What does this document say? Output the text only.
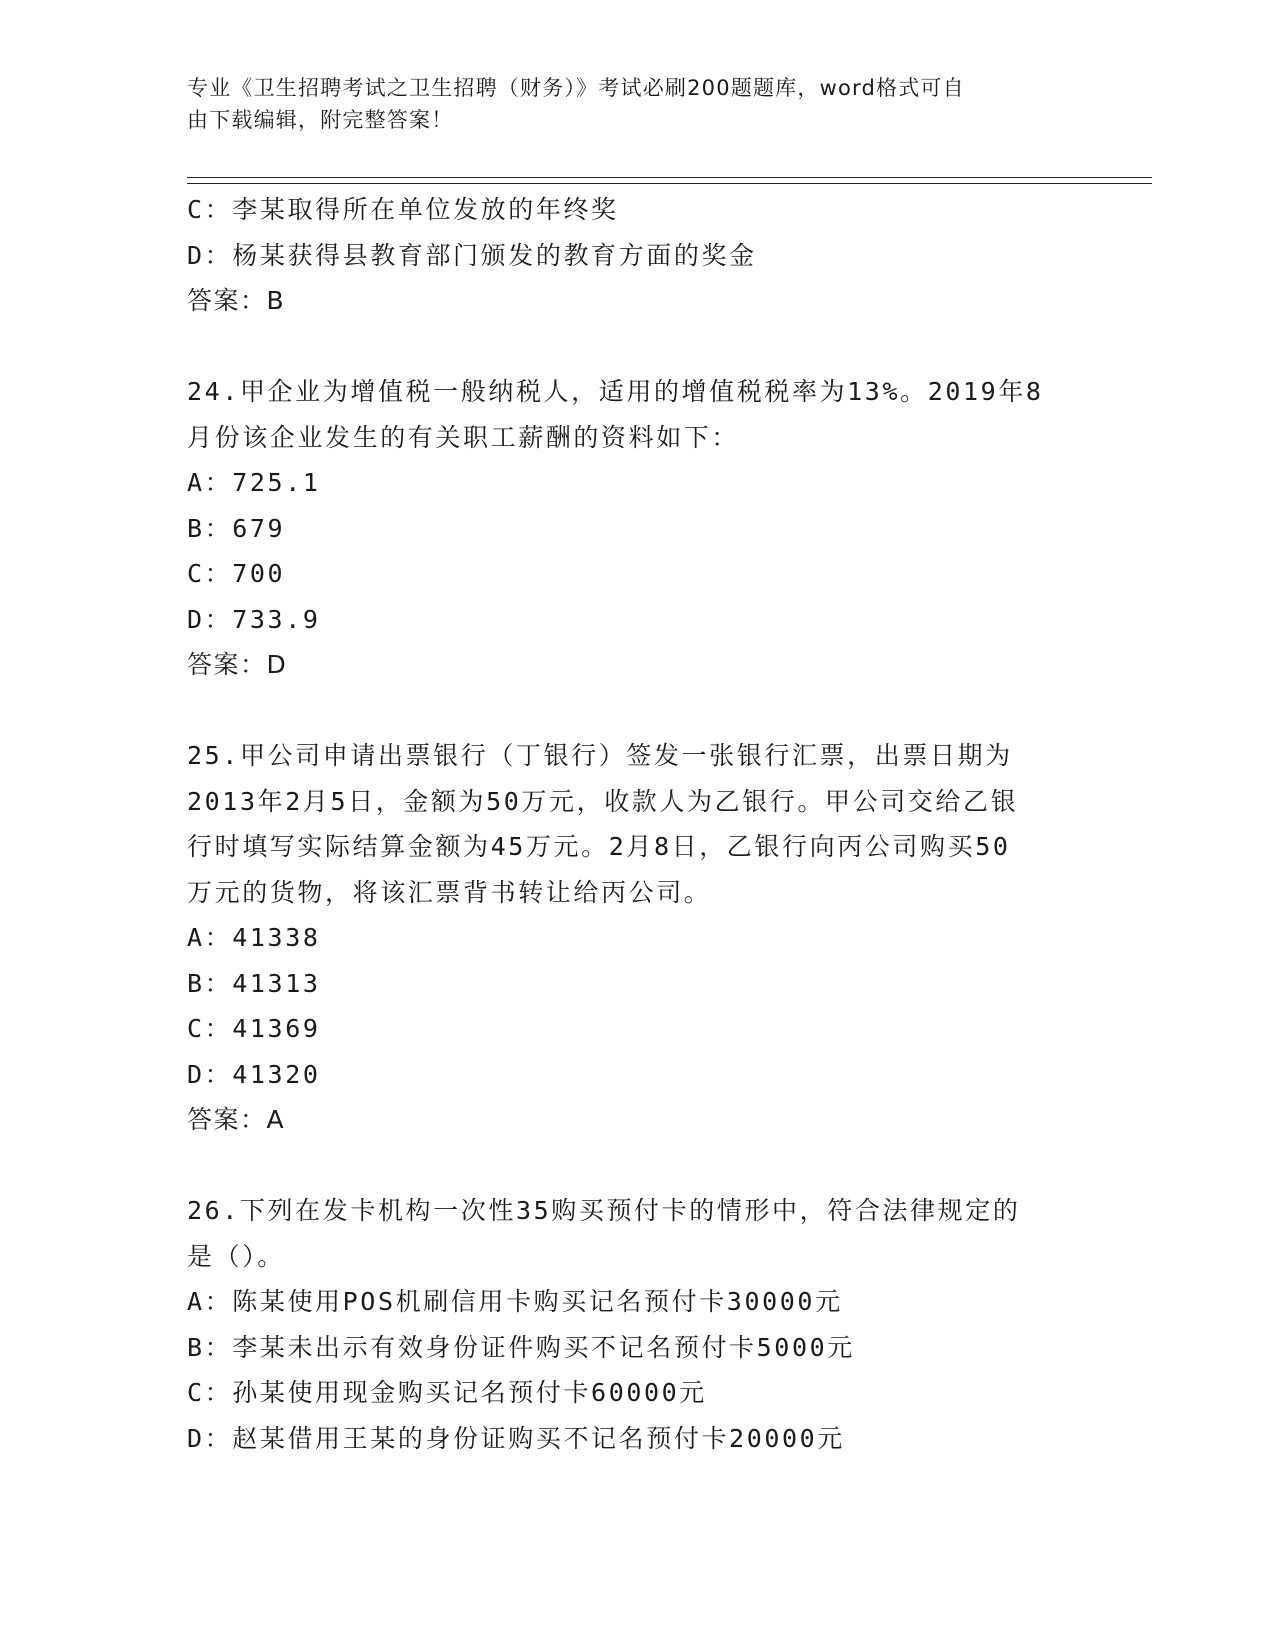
专业《卫生招聘考试之卫生招聘（财务）》考试必刷200题题库，word格式可自
由下载编辑，附完整答案！
C：李某取得所在单位发放的年终奖
D：杨某获得县教育部门颁发的教育方面的奖金
答案：B
24.甲企业为增值税一般纳税人，适用的增值税税率为13%。2019年8
月份该企业发生的有关职工薪酬的资料如下：
A：725.1
B：679
C：700
D：733.9
答案：D
25.甲公司申请出票银行（丁银行）签发一张银行汇票，出票日期为
2013年2月5日，金额为50万元，收款人为乙银行。甲公司交给乙银
行时填写实际结算金额为45万元。2月8日，乙银行向丙公司购买50
万元的货物，将该汇票背书转让给丙公司。
A：41338
B：41313
C：41369
D：41320
答案：A
26.下列在发卡机构一次性35购买预付卡的情形中，符合法律规定的
是（）。
A：陈某使用POS机刷信用卡购买记名预付卡30000元
B：李某未出示有效身份证件购买不记名预付卡5000元
C：孙某使用现金购买记名预付卡60000元
D：赵某借用王某的身份证购买不记名预付卡20000元
